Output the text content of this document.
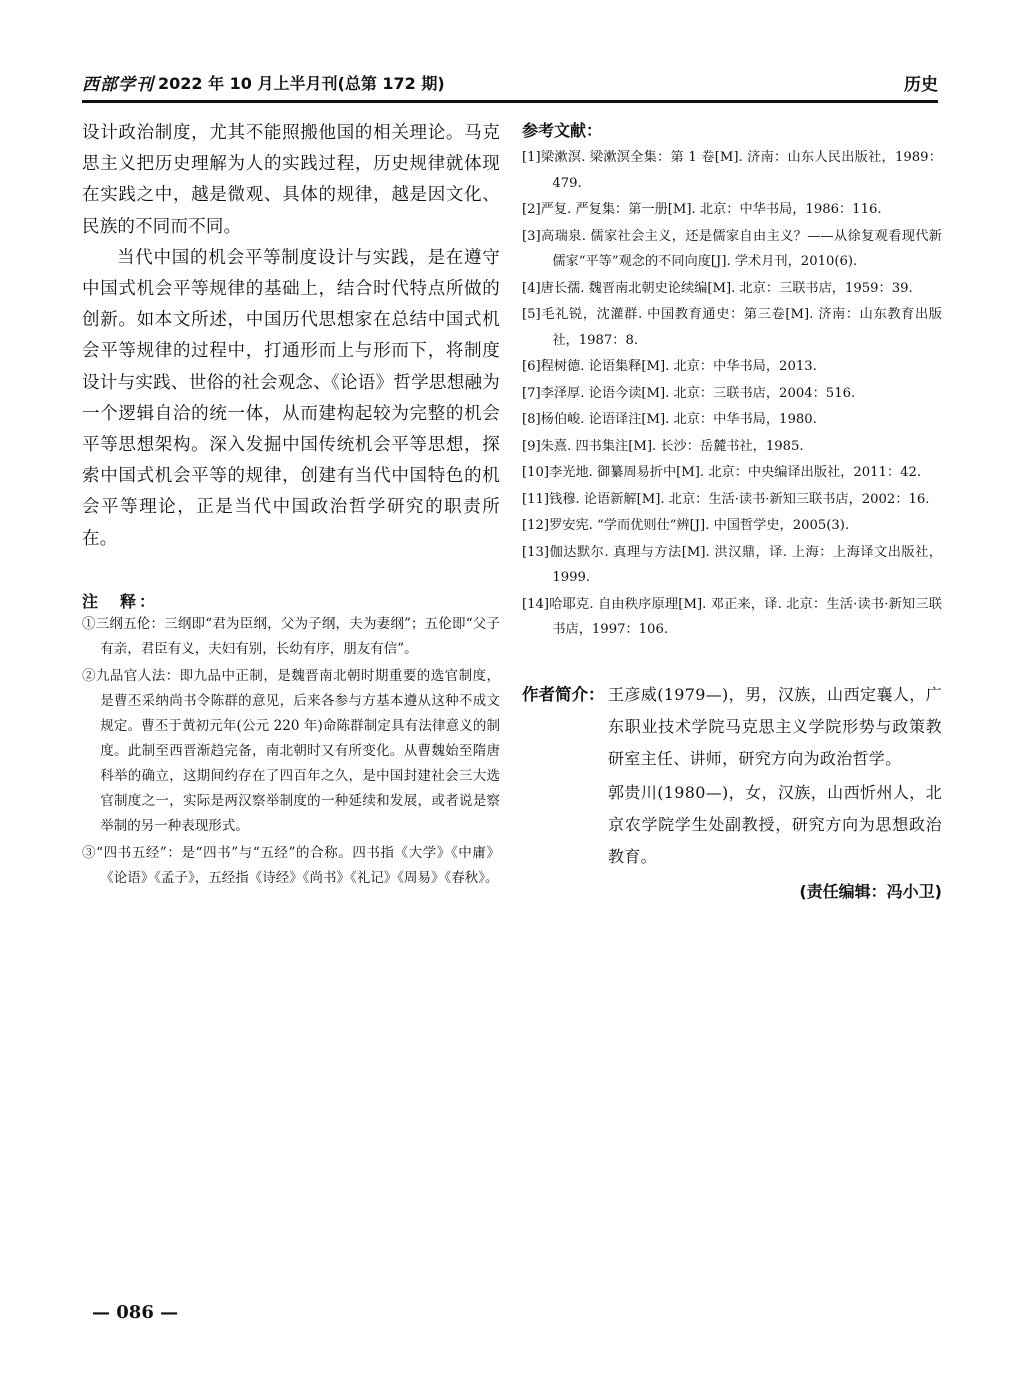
西部学刊 2022 年 10 月上半月刊(总第 172 期)	历史

设计政治制度，尤其不能照搬他国的相关理论。马克思主义把历史理解为人的实践过程，历史规律就体现在实践之中，越是微观、具体的规律，越是因文化、民族的不同而不同。

当代中国的机会平等制度设计与实践，是在遵守中国式机会平等规律的基础上，结合时代特点所做的创新。如本文所述，中国历代思想家在总结中国式机会平等规律的过程中，打通形而上与形而下，将制度设计与实践、世俗的社会观念、《论语》哲学思想融为一个逻辑自洽的统一体，从而建构起较为完整的机会平等思想架构。深入发掘中国传统机会平等思想，探索中国式机会平等的规律，创建有当代中国特色的机会平等理论，正是当代中国政治哲学研究的职责所在。

注　释：

①三纲五伦：三纲即“君为臣纲，父为子纲，夫为妻纲”；五伦即“父子有亲，君臣有义，夫妇有别，长幼有序，朋友有信”。

②九品官人法：即九品中正制，是魏晋南北朝时期重要的选官制度，是曹丕采纳尚书令陈群的意见，后来各参与方基本遵从这种不成文规定。曹丕于黄初元年(公元 220 年)命陈群制定具有法律意义的制度。此制至西晋渐趋完备，南北朝时又有所变化。从曹魏始至隋唐科举的确立，这期间约存在了四百年之久，是中国封建社会三大选官制度之一，实际是两汉察举制度的一种延续和发展，或者说是察举制的另一种表现形式。

③“四书五经”：是“四书”与“五经”的合称。四书指《大学》《中庸》《论语》《孟子》，五经指《诗经》《尚书》《礼记》《周易》《春秋》。

参考文献：

[1]梁漱溟. 梁漱溟全集：第 1 卷[M]. 济南：山东人民出版社，1989：479.

[2]严复. 严复集：第一册[M]. 北京：中华书局，1986：116.

[3]高瑞泉. 儒家社会主义，还是儒家自由主义？——从徐复观看现代新儒家“平等”观念的不同向度[J]. 学术月刊，2010(6).

[4]唐长孺. 魏晋南北朝史论续编[M]. 北京：三联书店，1959：39.

[5]毛礼锐，沈灌群. 中国教育通史：第三卷[M]. 济南：山东教育出版社，1987：8.

[6]程树德. 论语集释[M]. 北京：中华书局，2013.

[7]李泽厚. 论语今读[M]. 北京：三联书店，2004：516.

[8]杨伯峻. 论语译注[M]. 北京：中华书局，1980.

[9]朱熹. 四书集注[M]. 长沙：岳麓书社，1985.

[10]李光地. 御纂周易折中[M]. 北京：中央编译出版社，2011：42.

[11]钱穆. 论语新解[M]. 北京：生活·读书·新知三联书店，2002：16.

[12]罗安宪. “学而优则仕”辨[J]. 中国哲学史，2005(3).

[13]伽达默尔. 真理与方法[M]. 洪汉鼎，译. 上海：上海译文出版社，1999.

[14]哈耶克. 自由秩序原理[M]. 邓正来，译. 北京：生活·读书·新知三联书店，1997：106.

作者简介： 王彦威(1979—)，男，汉族，山西定襄人，广东职业技术学院马克思主义学院形势与政策教研室主任、讲师，研究方向为政治哲学。

郭贵川(1980—)，女，汉族，山西忻州人，北京农学院学生处副教授，研究方向为思想政治教育。

(责任编辑：冯小卫)
— 086 —
